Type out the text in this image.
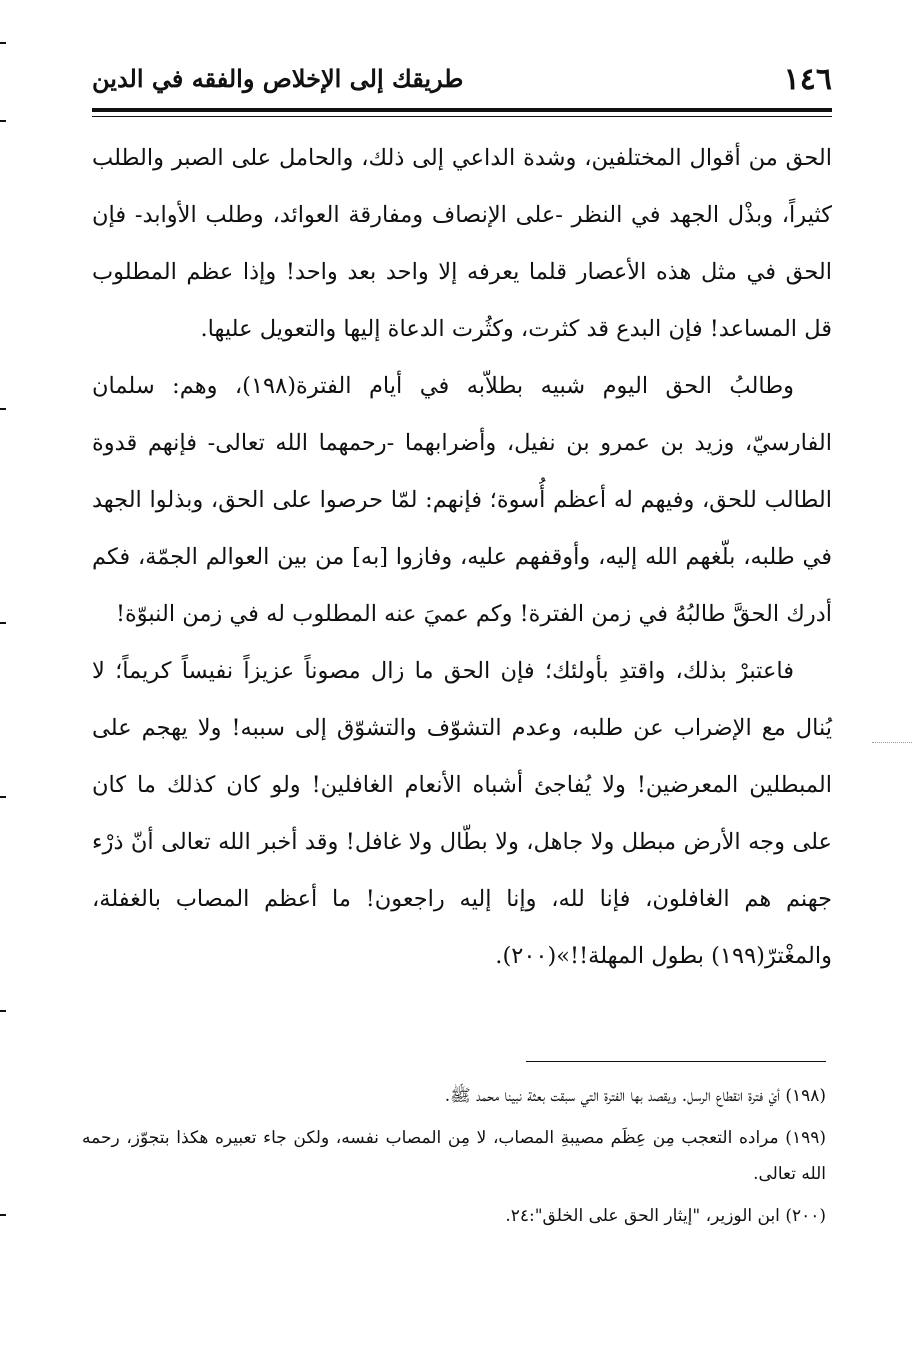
١٤٦
طريقك إلى الإخلاص والفقه في الدين

الحق من أقوال المختلفين، وشدة الداعي إلى ذلك، والحامل على الصبر والطلب كثيراً، وبذْل الجهد في النظر -على الإنصاف ومفارقة العوائد، وطلب الأوابد- فإن الحق في مثل هذه الأعصار قلما يعرفه إلا واحد بعد واحد! وإذا عظم المطلوب قل المساعد! فإن البدع قد كثرت، وكثُرت الدعاة إليها والتعويل عليها.

وطالبُ الحق اليوم شبيه بطلاّبه في أيام الفترة(١٩٨)، وهم: سلمان الفارسيّ، وزيد بن عمرو بن نفيل، وأضرابهما -رحمهما الله تعالى- فإنهم قدوة الطالب للحق، وفيهم له أعظم أُسوة؛ فإنهم: لمّا حرصوا على الحق، وبذلوا الجهد في طلبه، بلّغهم الله إليه، وأوقفهم عليه، وفازوا [به] من بين العوالم الجمّة، فكم أدرك الحقَّ طالبُهُ في زمن الفترة! وكم عميَ عنه المطلوب له في زمن النبوّة!

فاعتبرْ بذلك، واقتدِ بأولئك؛ فإن الحق ما زال مصوناً عزيزاً نفيساً كريماً؛ لا يُنال مع الإضراب عن طلبه، وعدم التشوّف والتشوّق إلى سببه! ولا يهجم على المبطلين المعرضين! ولا يُفاجئ أشباه الأنعام الغافلين! ولو كان كذلك ما كان على وجه الأرض مبطل ولا جاهل، ولا بطّال ولا غافل! وقد أخبر الله تعالى أنّ ذرْء جهنم هم الغافلون، فإنا لله، وإنا إليه راجعون! ما أعظم المصاب بالغفلة، والمغْترّ(١٩٩) بطول المهلة!!»(٢٠٠).

(١٩٨) أيْ فترة انقطاع الرسل. ويقصد بها الفترة التي سبقت بعثة نبينا محمد ﷺ.

(١٩٩) مراده التعجب مِن عِظَم مصيبةِ المصاب، لا مِن المصاب نفسه، ولكن جاء تعبيره هكذا بتجوّز، رحمه الله تعالى.

(٢٠٠) ابن الوزير، "إيثار الحق على الخلق":٢٤.
